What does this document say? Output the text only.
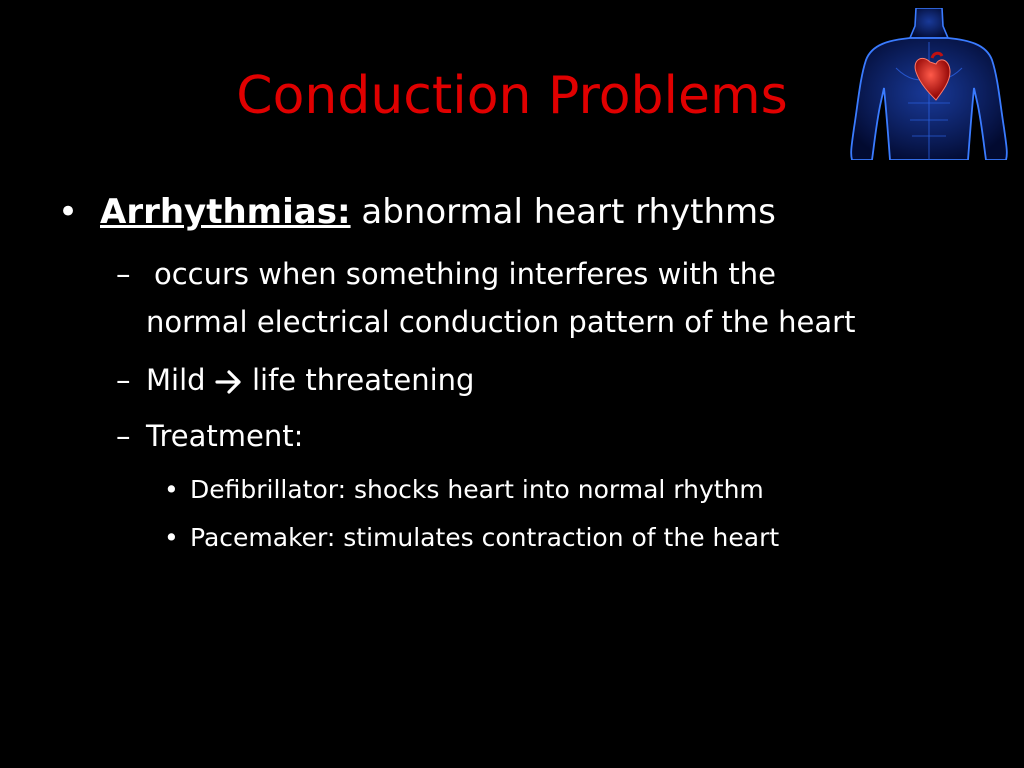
Conduction Problems
• Arrhythmias: abnormal heart rhythms
– occurs when something interferes with the
normal electrical conduction pattern of the heart
– Mild life threatening
– Treatment:
• Defibrillator: shocks heart into normal rhythm
• Pacemaker: stimulates contraction of the heart
